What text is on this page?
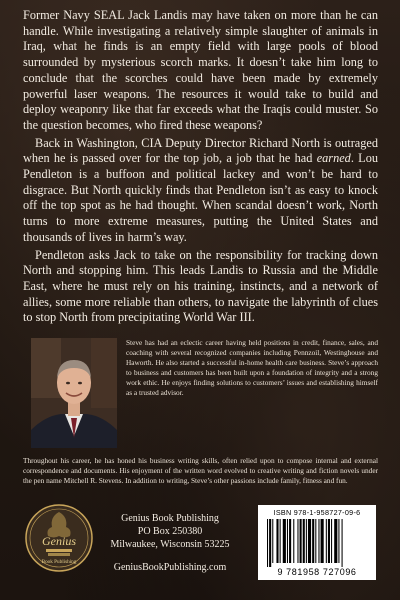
Former Navy SEAL Jack Landis may have taken on more than he can handle. While investigating a relatively simple slaughter of animals in Iraq, what he finds is an empty field with large pools of blood surrounded by mysterious scorch marks. It doesn’t take him long to conclude that the scorches could have been made by extremely powerful laser weapons. The resources it would take to build and deploy weaponry like that far exceeds what the Iraqis could muster. So the question becomes, who fired these weapons?

Back in Washington, CIA Deputy Director Richard North is outraged when he is passed over for the top job, a job that he had earned. Lou Pendleton is a buffoon and political lackey and won’t be hard to disgrace. But North quickly finds that Pendleton isn’t as easy to knock off the top spot as he had thought. When scandal doesn’t work, North turns to more extreme measures, putting the United States and thousands of lives in harm’s way.

Pendleton asks Jack to take on the responsibility for tracking down North and stopping him. This leads Landis to Russia and the Middle East, where he must rely on his training, instincts, and a network of allies, some more reliable than others, to navigate the labyrinth of clues to stop North from precipitating World War III.

Steve has had an eclectic career having held positions in credit, finance, sales, and coaching with several recognized companies including Pennzoil, Westinghouse and Haworth. He also started a successful in-home health care business. Steve’s approach to business and customers has been built upon a foundation of integrity and a strong work ethic. He enjoys finding solutions to customers’ issues and establishing himself as a trusted advisor.
Throughout his career, he has honed his business writing skills, often relied upon to compose internal and external correspondence and documents. His enjoyment of the written word evolved to creative writing and fiction novels under the pen name Mitchell R. Stevens. In addition to writing, Steve’s other passions include family, fitness and fun.
Genius
Book Publishing
Genius Book Publishing
PO Box 250380
Milwaukee, Wisconsin 53225
GeniusBookPublishing.com
ISBN 978-1-958727-09-6
9 781958 727096
